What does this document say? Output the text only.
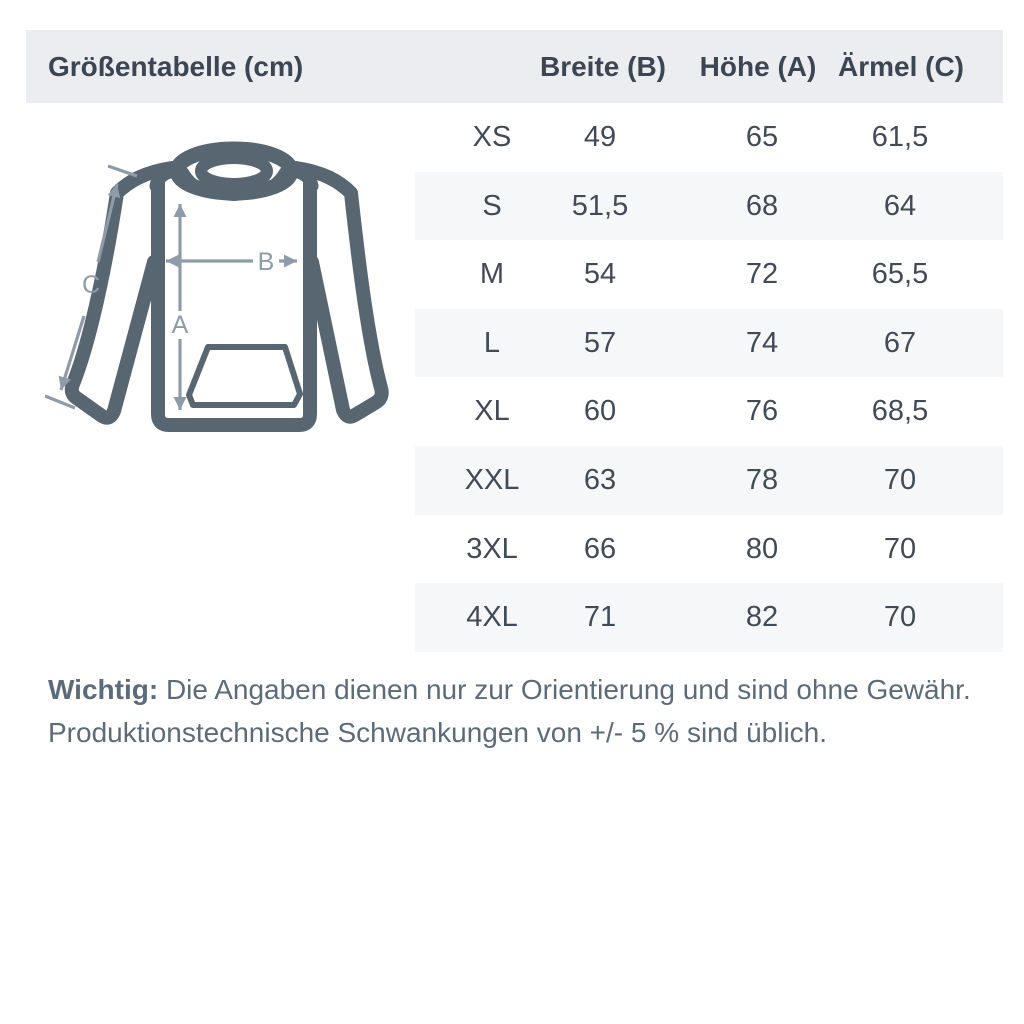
Größentabelle (cm)	Breite (B) Höhe (A) Ärmel (C)
XS	49	65	61,5
S 51,5	68	64
M	54	72	65,5
L	57	74	67
XL	60	76	68,5
XXL 63	78	70
3XL 66	80	70
4XL 71	82	70
A
B
C
Wichtig: Die Angaben dienen nur zur Orientierung und sind ohne Gewähr.
Produktionstechnische Schwankungen von +/- 5 % sind üblich.
